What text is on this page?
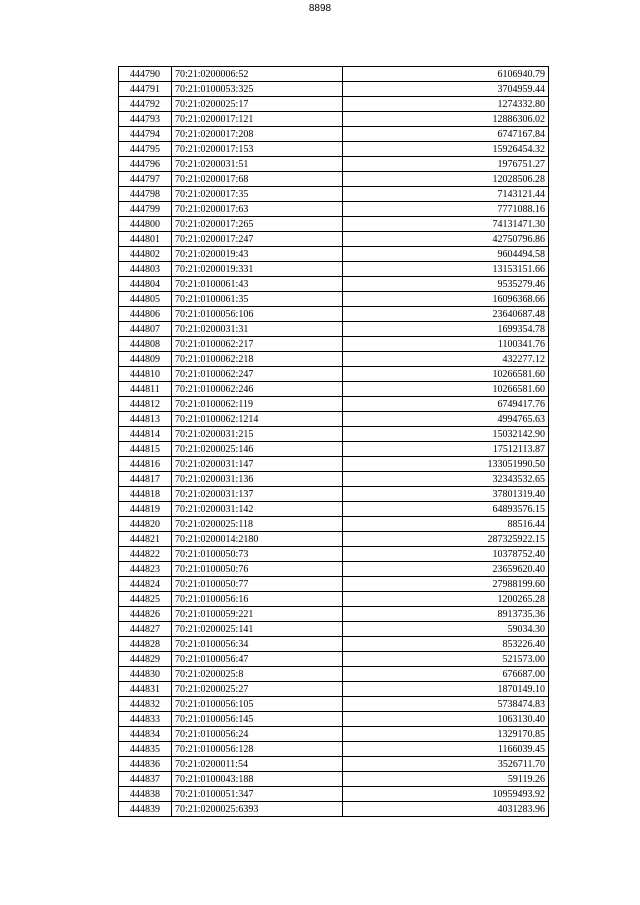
8898
444790	70:21:0200006:52	6106940.79
444791	70:21:0100053:325	3704959.44
444792	70:21:0200025:17	1274332.80
444793	70:21:0200017:121	12886306.02
444794	70:21:0200017:208	6747167.84
444795	70:21:0200017:153	15926454.32
444796	70:21:0200031:51	1976751.27
444797	70:21:0200017:68	12028506.28
444798	70:21:0200017:35	7143121.44
444799	70:21:0200017:63	7771088.16
444800	70:21:0200017:265	74131471.30
444801	70:21:0200017:247	42750796.86
444802	70:21:0200019:43	9604494.58
444803	70:21:0200019:331	13153151.66
444804	70:21:0100061:43	9535279.46
444805	70:21:0100061:35	16096368.66
444806	70:21:0100056:106	23640687.48
444807	70:21:0200031:31	1699354.78
444808	70:21:0100062:217	1100341.76
444809	70:21:0100062:218	432277.12
444810	70:21:0100062:247	10266581.60
444811	70:21:0100062:246	10266581.60
444812	70:21:0100062:119	6749417.76
444813	70:21:0100062:1214	4994765.63
444814	70:21:0200031:215	15032142.90
444815	70:21:0200025:146	17512113.87
444816	70:21:0200031:147	133051990.50
444817	70:21:0200031:136	32343532.65
444818	70:21:0200031:137	37801319.40
444819	70:21:0200031:142	64893576.15
444820	70:21:0200025:118	88516.44
444821	70:21:0200014:2180	287325922.15
444822	70:21:0100050:73	10378752.40
444823	70:21:0100050:76	23659620.40
444824	70:21:0100050:77	27988199.60
444825	70:21:0100056:16	1200265.28
444826	70:21:0100059:221	8913735.36
444827	70:21:0200025:141	59034.30
444828	70:21:0100056:34	853226.40
444829	70:21:0100056:47	521573.00
444830	70:21:0200025:8	676687.00
444831	70:21:0200025:27	1870149.10
444832	70:21:0100056:105	5738474.83
444833	70:21:0100056:145	1063130.40
444834	70:21:0100056:24	1329170.85
444835	70:21:0100056:128	1166039.45
444836	70:21:0200011:54	3526711.70
444837	70:21:0100043:188	59119.26
444838	70:21:0100051:347	10959493.92
444839	70:21:0200025:6393	4031283.96
